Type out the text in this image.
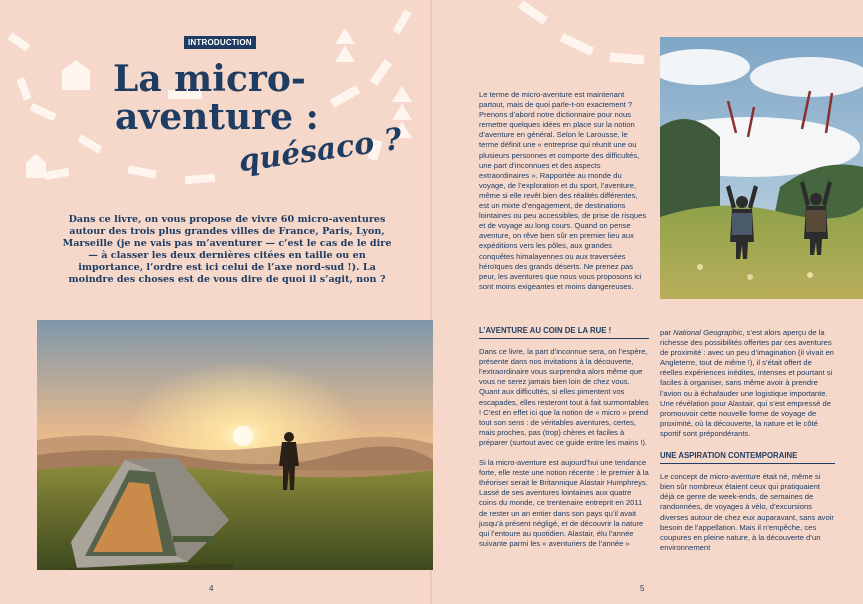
INTRODUCTION
La micro-
aventure :
quésaco ?

Dans ce livre, on vous propose de vivre 60 micro-aventures autour des trois plus grandes villes de France, Paris, Lyon, Marseille (je ne vais pas m’aventurer — c’est le cas de le dire — à classer les deux dernières citées en taille ou en importance, l’ordre est ici celui de l’axe nord-sud !). La moindre des choses est de vous dire de quoi il s’agit, non ?

4

Le terme de micro-aventure est maintenant partout, mais de quoi parle-t-on exactement ? Prenons d’abord notre dictionnaire pour nous remettre quelques idées en place sur la notion d’aventure en général. Selon le Larousse, le terme définit une « entreprise qui réunit une ou plusieurs personnes et comporte des difficultés, une part d’inconnues et des aspects extraordinaires ». Rapportée au monde du voyage, de l’exploration et du sport, l’aventure, même si elle revêt bien des réalités différentes, est un mixte d’engagement, de destinations lointaines ou peu accessibles, de prise de risques et de voyage au long cours. Quand on pense aventure, on rêve bien sûr en premier lieu aux expéditions vers les pôles, aux grandes conquêtes himalayennes ou aux traversées héroïques des grands déserts. Ne prenez pas peur, les aventures que nous vous proposons ici sont moins exigeantes et moins dangereuses.

L’AVENTURE AU COIN DE LA RUE !

Dans ce livre, la part d’inconnue sera, on l’espère, présente dans nos invitations à la découverte, l’extraordinaire vous surprendra alors même que vous ne serez jamais bien loin de chez vous. Quant aux difficultés, si elles pimentent vos escapades, elles resteront tout à fait surmontables ! C’est en effet ici que la notion de « micro » prend tout son sens : de véritables aventures, certes, mais proches, pas (trop) chères et faciles à préparer (surtout avec ce guide entre les mains !).

Si la micro-aventure est aujourd’hui une tendance forte, elle reste une notion récente : le premier à la théoriser serait le Britannique Alastair Humphreys. Lassé de ses aventures lointaines aux quatre coins du monde, ce trentenaire entreprit en 2011 de rester un an entier dans son pays qu’il avait jusqu’à présent négligé, et de découvrir la nature qui l’entoure au quotidien. Alastair, élu l’année suivante parmi les « aventuriers de l’année »

par National Geographic, s’est alors aperçu de la richesse des possibilités offertes par ces aventures de proximité : avec un peu d’imagination (il vivait en Angleterre, tout de même !), il s’était offert de réelles expériences inédites, intenses et pourtant si faciles à organiser, sans même avoir à prendre l’avion ou à échafauder une logistique importante. Une révélation pour Alastair, qui s’est empressé de promouvoir cette nouvelle forme de voyage de proximité, où la découverte, la nature et le côté sportif sont prépondérants.

UNE ASPIRATION CONTEMPORAINE

Le concept de micro-aventure était né, même si bien sûr nombreux étaient ceux qui pratiquaient déjà ce genre de week-ends, de semaines de randonnées, de voyages à vélo, d’excursions diverses autour de chez eux auparavant, sans avoir besoin de l’appellation. Mais il n’empêche, ces coupures en pleine nature, à la découverte d’un environnement

5
